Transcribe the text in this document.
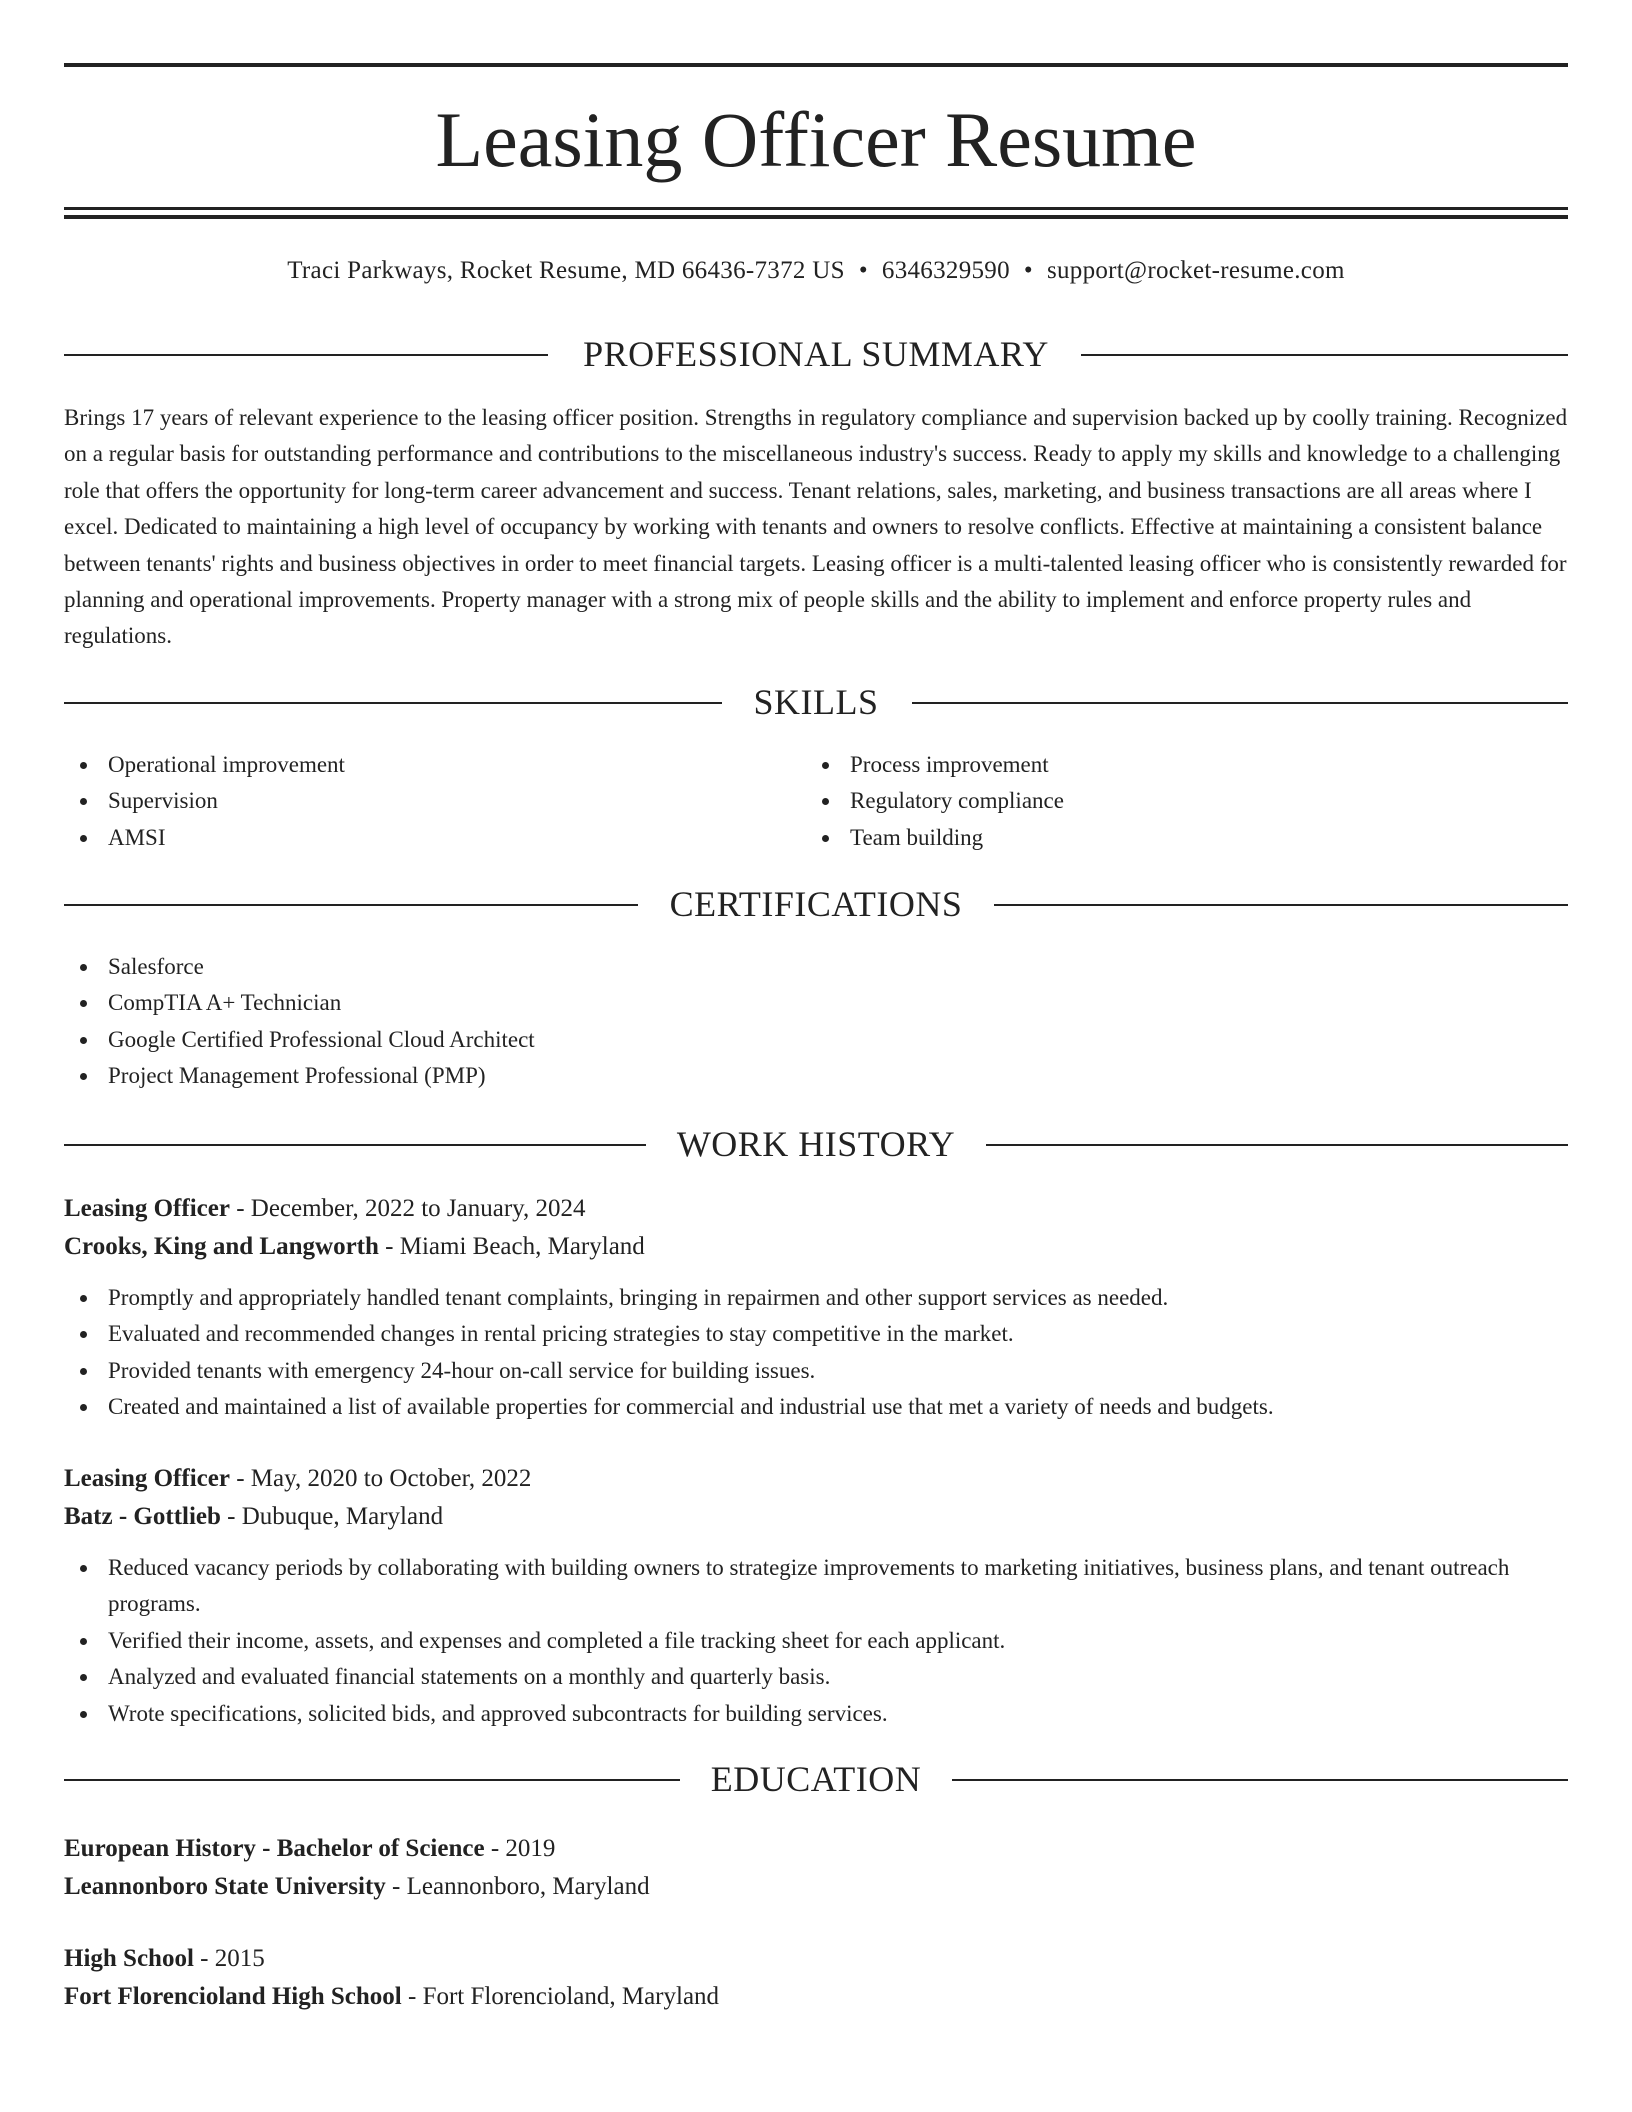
Leasing Officer Resume
Traci Parkways, Rocket Resume, MD 66436-7372 US • 6346329590 • support@rocket-resume.com
PROFESSIONAL SUMMARY

Brings 17 years of relevant experience to the leasing officer position. Strengths in regulatory compliance and supervision backed up by coolly training. Recognized on a regular basis for outstanding performance and contributions to the miscellaneous industry's success. Ready to apply my skills and knowledge to a challenging role that offers the opportunity for long-term career advancement and success. Tenant relations, sales, marketing, and business transactions are all areas where I excel. Dedicated to maintaining a high level of occupancy by working with tenants and owners to resolve conflicts. Effective at maintaining a consistent balance between tenants' rights and business objectives in order to meet financial targets. Leasing officer is a multi-talented leasing officer who is consistently rewarded for planning and operational improvements. Property manager with a strong mix of people skills and the ability to implement and enforce property rules and regulations.

SKILLS
Operational improvement
Supervision
AMSI
Process improvement
Regulatory compliance
Team building
CERTIFICATIONS
Salesforce
CompTIA A+ Technician
Google Certified Professional Cloud Architect
Project Management Professional (PMP)
WORK HISTORY
Leasing Officer - December, 2022 to January, 2024
Crooks, King and Langworth - Miami Beach, Maryland
Promptly and appropriately handled tenant complaints, bringing in repairmen and other support services as needed.
Evaluated and recommended changes in rental pricing strategies to stay competitive in the market.
Provided tenants with emergency 24-hour on-call service for building issues.
Created and maintained a list of available properties for commercial and industrial use that met a variety of needs and budgets.
Leasing Officer - May, 2020 to October, 2022
Batz - Gottlieb - Dubuque, Maryland
Reduced vacancy periods by collaborating with building owners to strategize improvements to marketing initiatives, business plans, and tenant outreach programs.
Verified their income, assets, and expenses and completed a file tracking sheet for each applicant.
Analyzed and evaluated financial statements on a monthly and quarterly basis.
Wrote specifications, solicited bids, and approved subcontracts for building services.
EDUCATION
European History - Bachelor of Science - 2019
Leannonboro State University - Leannonboro, Maryland
High School - 2015
Fort Florencioland High School - Fort Florencioland, Maryland
